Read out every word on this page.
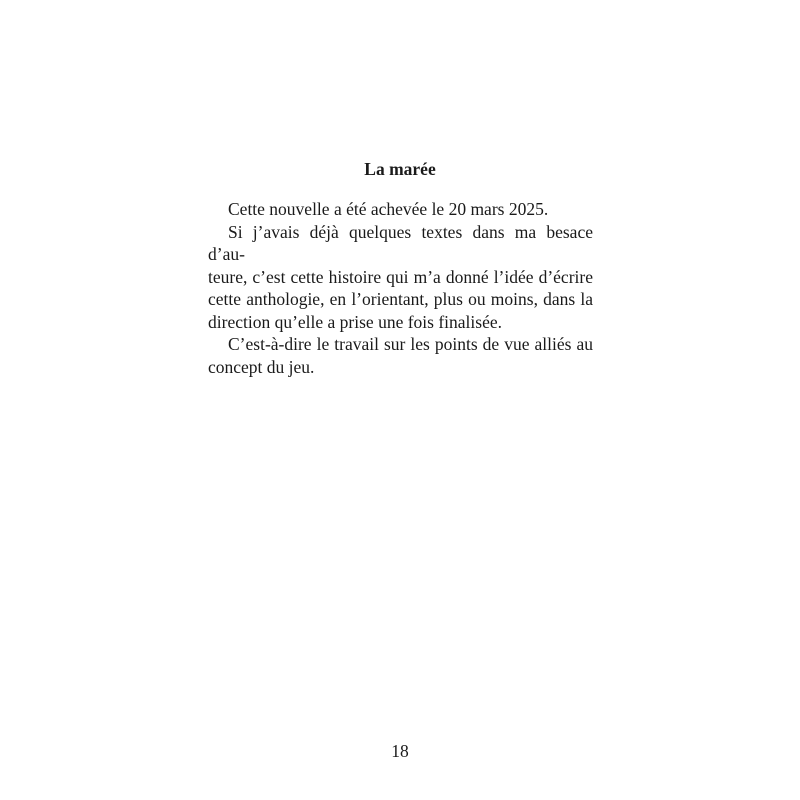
La marée

Cette nouvelle a été achevée le 20 mars 2025.

Si j’avais déjà quelques textes dans ma besace d’au-
teure, c’est cette histoire qui m’a donné l’idée d’écrire
cette anthologie, en l’orientant, plus ou moins, dans la
direction qu’elle a prise une fois finalisée.

C’est-à-dire le travail sur les points de vue alliés au
concept du jeu.

18
